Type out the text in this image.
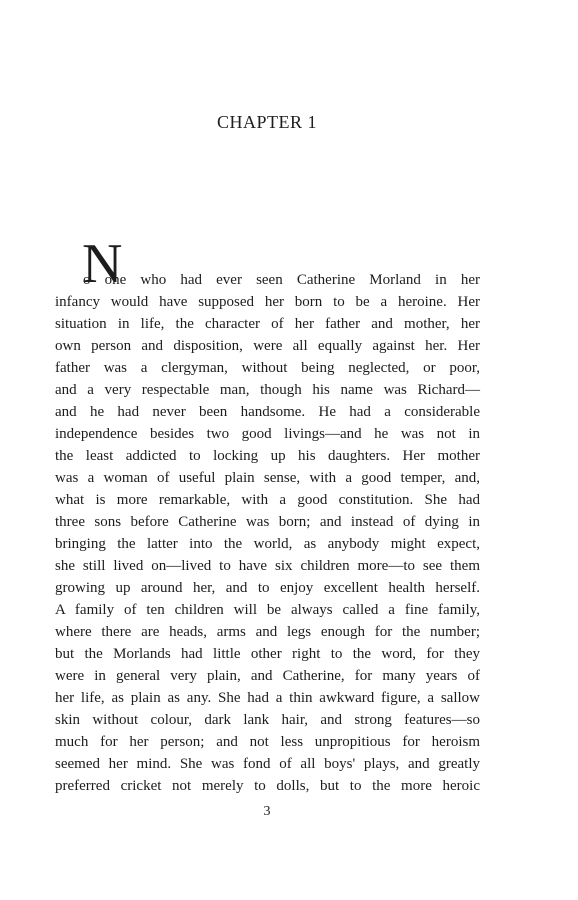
CHAPTER 1
N
o one who had ever seen Catherine Morland in her
infancy would have supposed her born to be a heroine. Her
situation in life, the character of her father and mother, her
own person and disposition, were all equally against her. Her
father was a clergyman, without being neglected, or poor,
and a very respectable man, though his name was Richard—
and he had never been handsome. He had a considerable
independence besides two good livings—and he was not in
the least addicted to locking up his daughters. Her mother
was a woman of useful plain sense, with a good temper, and,
what is more remarkable, with a good constitution. She had
three sons before Catherine was born; and instead of dying in
bringing the latter into the world, as anybody might expect,
she still lived on—lived to have six children more—to see them
growing up around her, and to enjoy excellent health herself.
A family of ten children will be always called a fine family,
where there are heads, arms and legs enough for the number;
but the Morlands had little other right to the word, for they
were in general very plain, and Catherine, for many years of
her life, as plain as any. She had a thin awkward figure, a sallow
skin without colour, dark lank hair, and strong features—so
much for her person; and not less unpropitious for heroism
seemed her mind. She was fond of all boys' plays, and greatly
preferred cricket not merely to dolls, but to the more heroic
3
